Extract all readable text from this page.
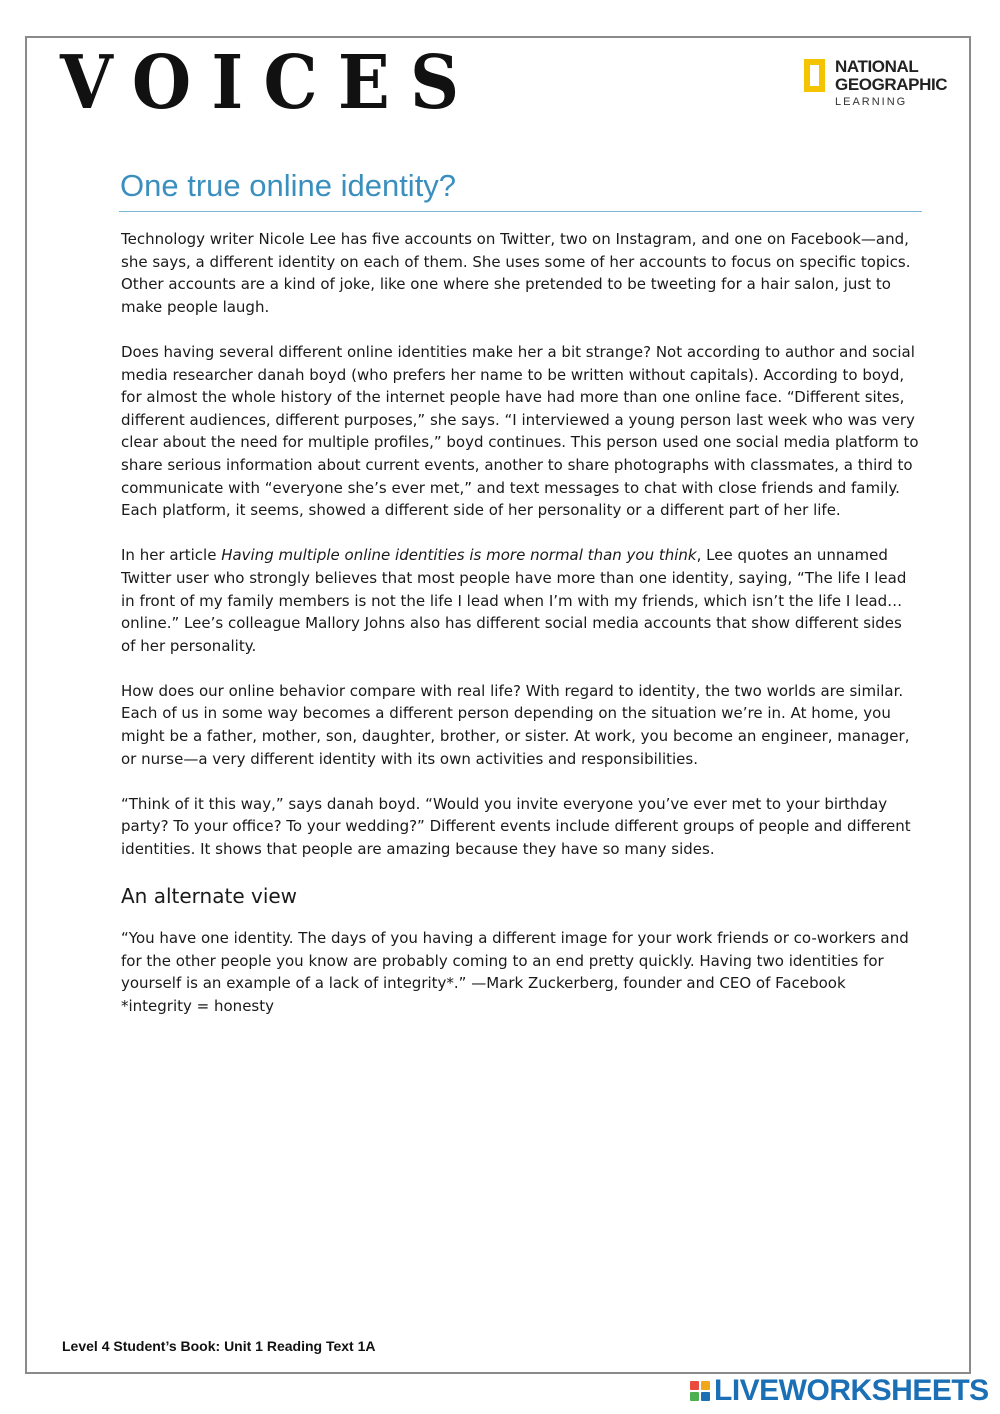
VOICES	NATIONAL
GEOGRAPHIC
LEARNING
One true online identity?

Technology writer Nicole Lee has five accounts on Twitter, two on Instagram, and one on Facebook—and, she says, a different identity on each of them. She uses some of her accounts to focus on specific topics. Other accounts are a kind of joke, like one where she pretended to be tweeting for a hair salon, just to make people laugh.

Does having several different online identities make her a bit strange? Not according to author and social media researcher danah boyd (who prefers her name to be written without capitals). According to boyd, for almost the whole history of the internet people have had more than one online face. “Different sites, different audiences, different purposes,” she says. “I interviewed a young person last week who was very clear about the need for multiple profiles,” boyd continues. This person used one social media platform to share serious information about current events, another to share photographs with classmates, a third to communicate with “everyone she’s ever met,” and text messages to chat with close friends and family. Each platform, it seems, showed a different side of her personality or a different part of her life.

In her article Having multiple online identities is more normal than you think, Lee quotes an unnamed Twitter user who strongly believes that most people have more than one identity, saying, “The life I lead in front of my family members is not the life I lead when I’m with my friends, which isn’t the life I lead…online.” Lee’s colleague Mallory Johns also has different social media accounts that show different sides of her personality.

How does our online behavior compare with real life? With regard to identity, the two worlds are similar. Each of us in some way becomes a different person depending on the situation we’re in. At home, you might be a father, mother, son, daughter, brother, or sister. At work, you become an engineer, manager, or nurse—a very different identity with its own activities and responsibilities.

“Think of it this way,” says danah boyd. “Would you invite everyone you’ve ever met to your birthday party? To your office? To your wedding?” Different events include different groups of people and different identities. It shows that people are amazing because they have so many sides.

An alternate view

“You have one identity. The days of you having a different image for your work friends or co-workers and for the other people you know are probably coming to an end pretty quickly. Having two identities for yourself is an example of a lack of integrity*.” —Mark Zuckerberg, founder and CEO of Facebook

*integrity = honesty

Level 4 Student’s Book: Unit 1 Reading Text 1A
LIVEWORKSHEETS
